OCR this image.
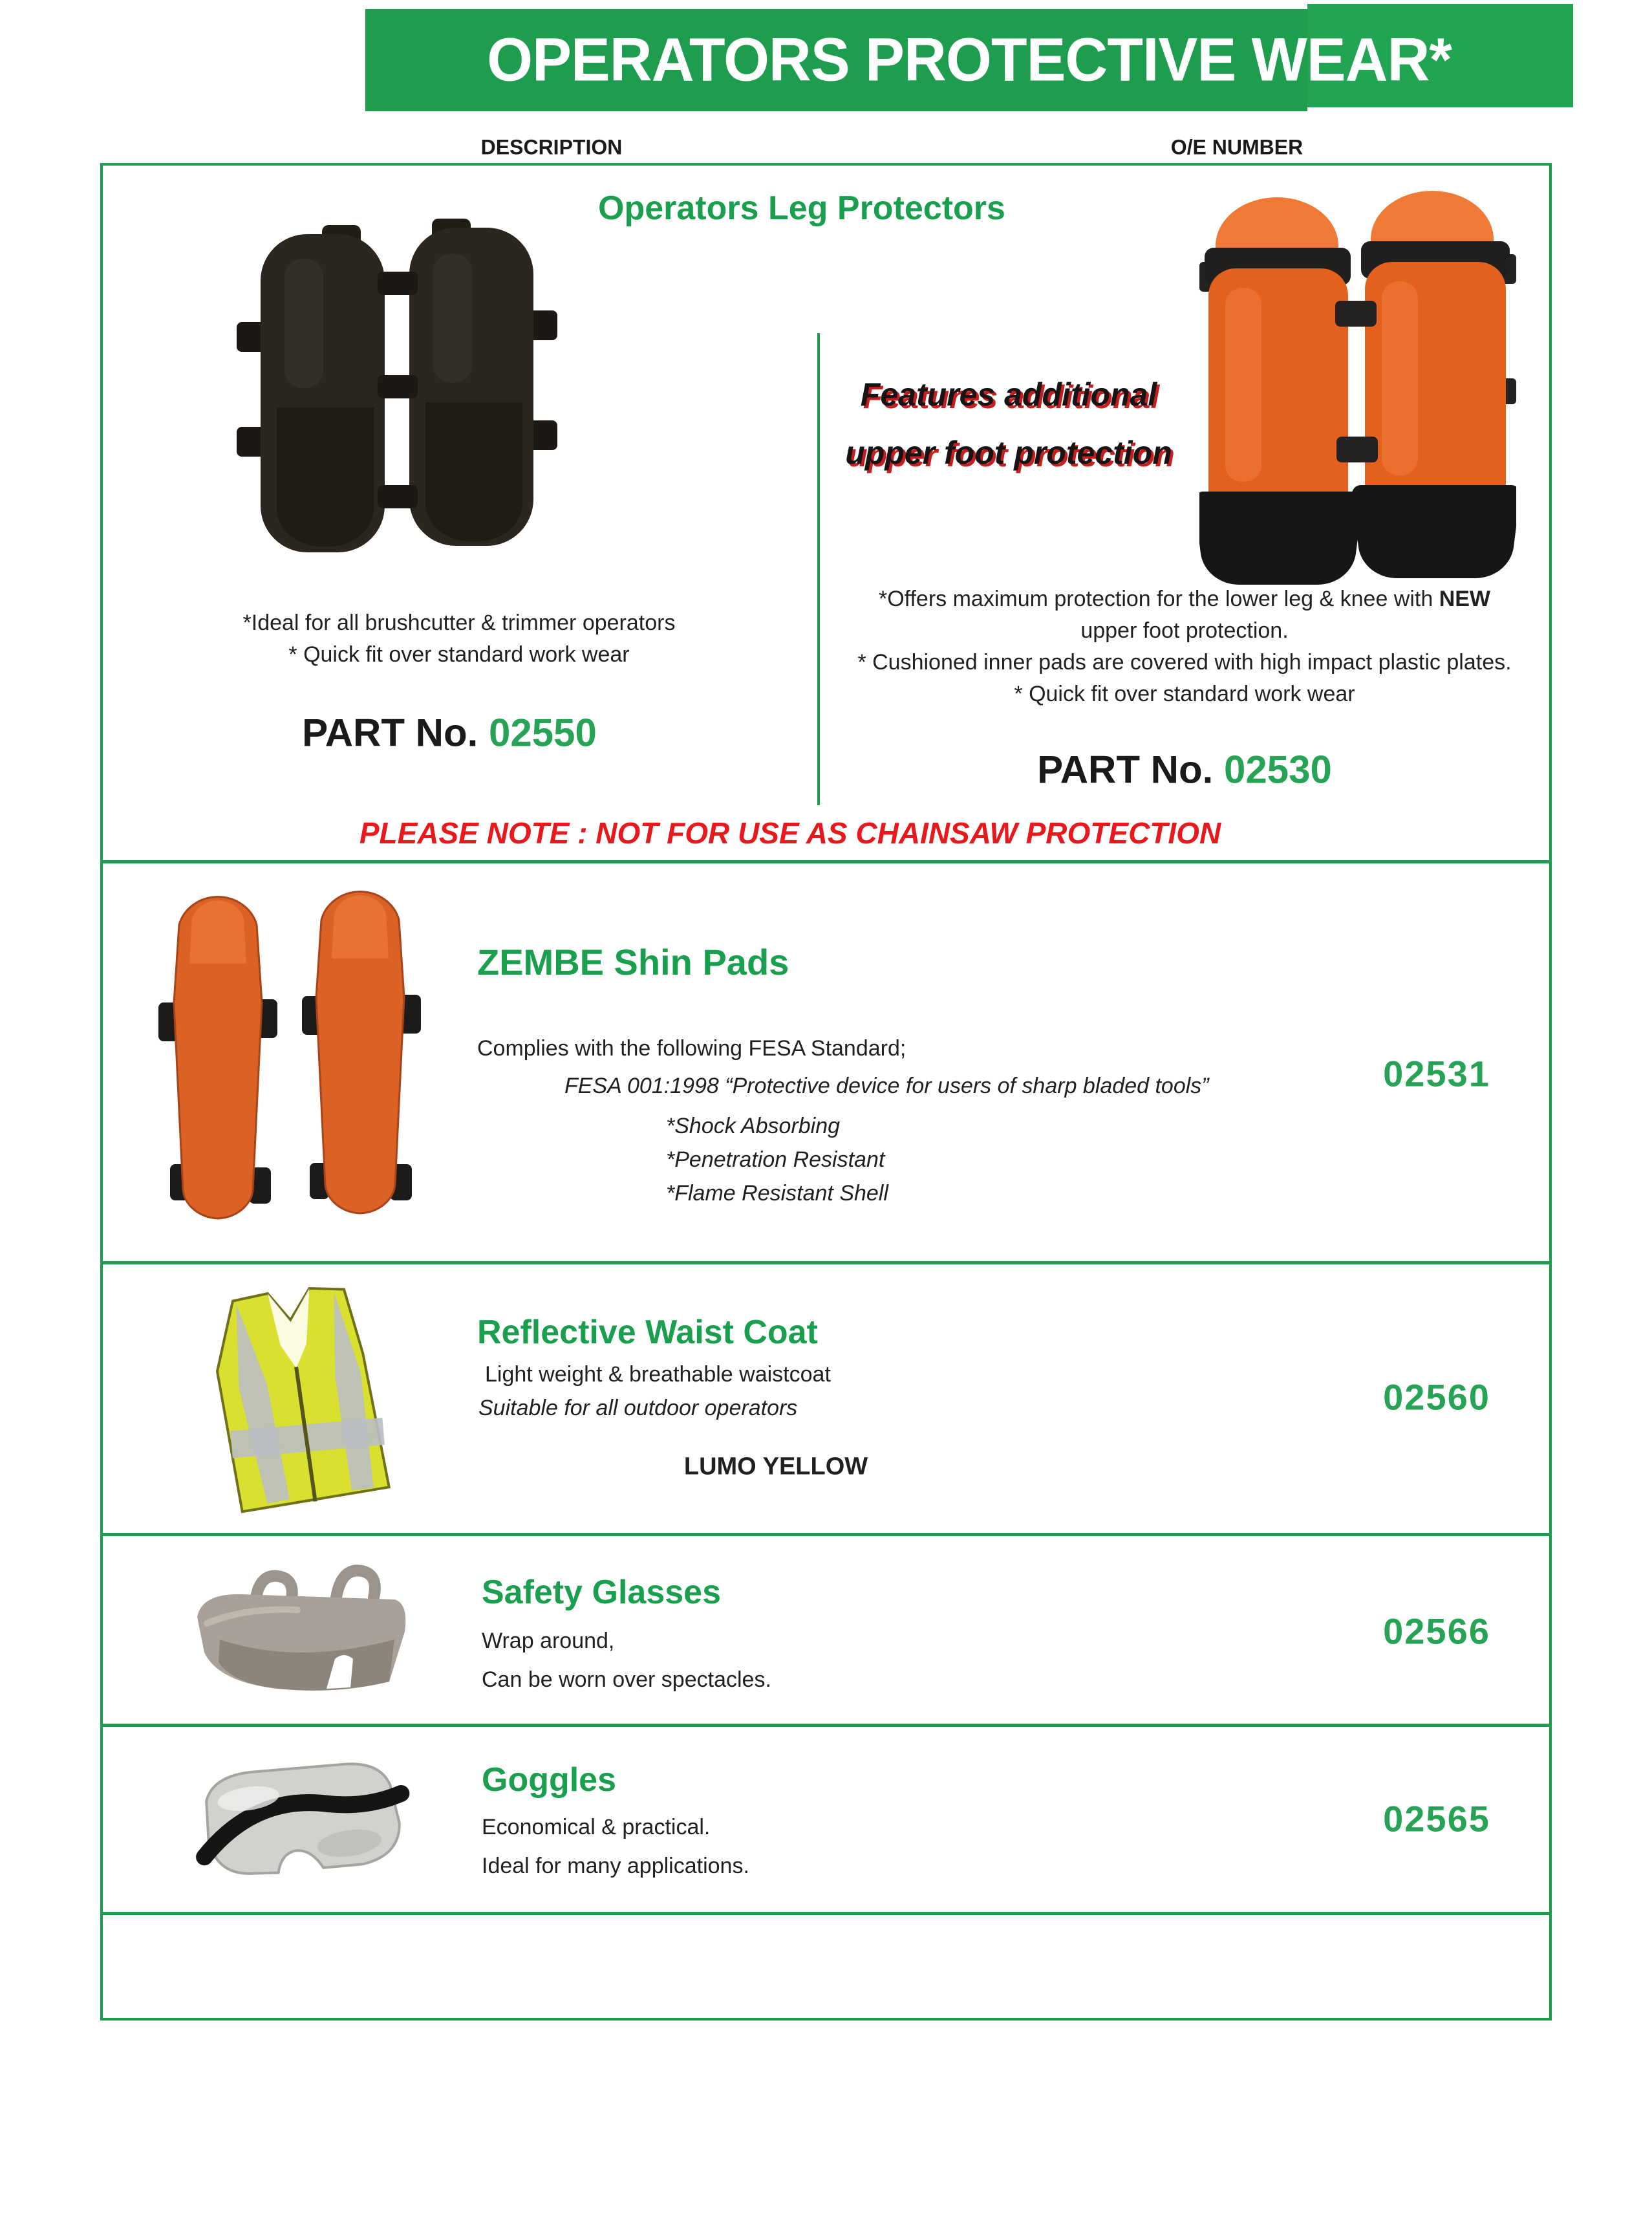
OPERATORS PROTECTIVE WEAR*
DESCRIPTION	O/E NUMBER
Operators Leg Protectors
Features additional
upper foot protection
*Ideal for all brushcutter & trimmer operators
* Quick fit over standard work wear
PART No. 02550
*Offers maximum protection for the lower leg & knee with NEW
upper foot protection.
* Cushioned inner pads are covered with high impact plastic plates.
* Quick fit over standard work wear
PART No. 02530
PLEASE NOTE : NOT FOR USE AS CHAINSAW PROTECTION
ZEMBE Shin Pads
Complies with the following FESA Standard;
FESA 001:1998 “Protective device for users of sharp bladed tools”
*Shock Absorbing
*Penetration Resistant
*Flame Resistant Shell
02531
Reflective Waist Coat
Light weight & breathable waistcoat
Suitable for all outdoor operators
LUMO YELLOW
02560
Safety Glasses
Wrap around,
Can be worn over spectacles.
02566
Goggles
Economical & practical.
Ideal for many applications.
02565
